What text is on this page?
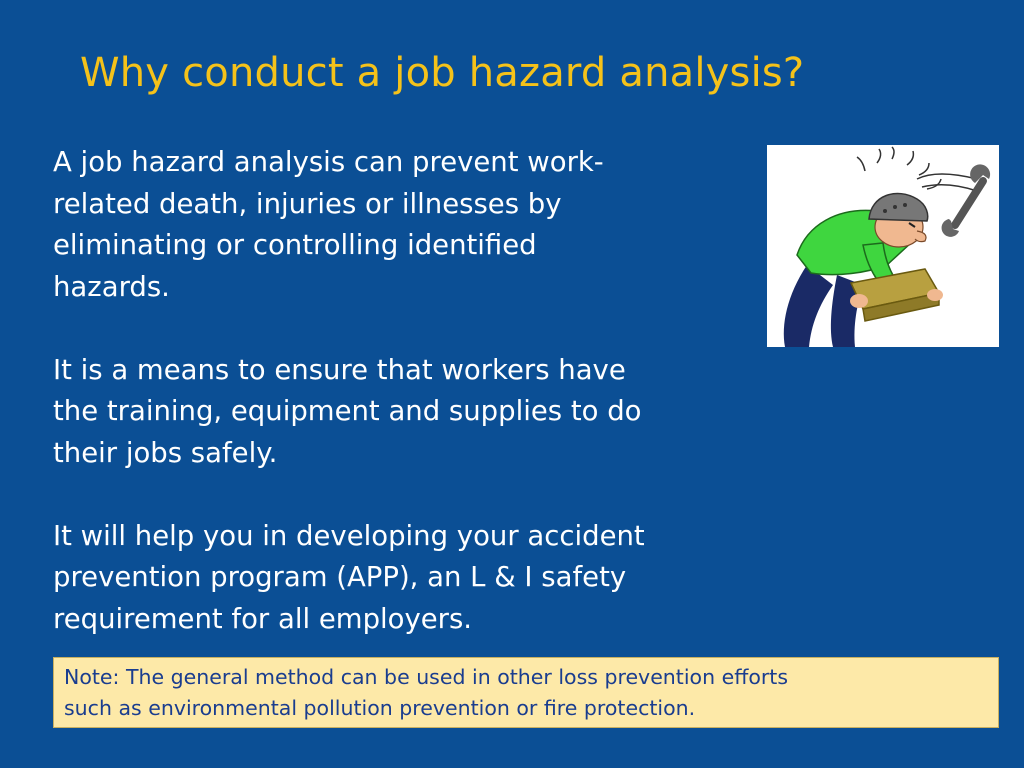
Why conduct a job hazard analysis?

A job hazard analysis can prevent work-
related death, injuries or illnesses by
eliminating or controlling identified
hazards.

It is a means to ensure that workers have
the training, equipment and supplies to do
their jobs safely.

It will help you in developing your accident
prevention program (APP), an L & I safety
requirement for all employers.

Note: The general method can be used in other loss prevention efforts
such as environmental pollution prevention or fire protection.
